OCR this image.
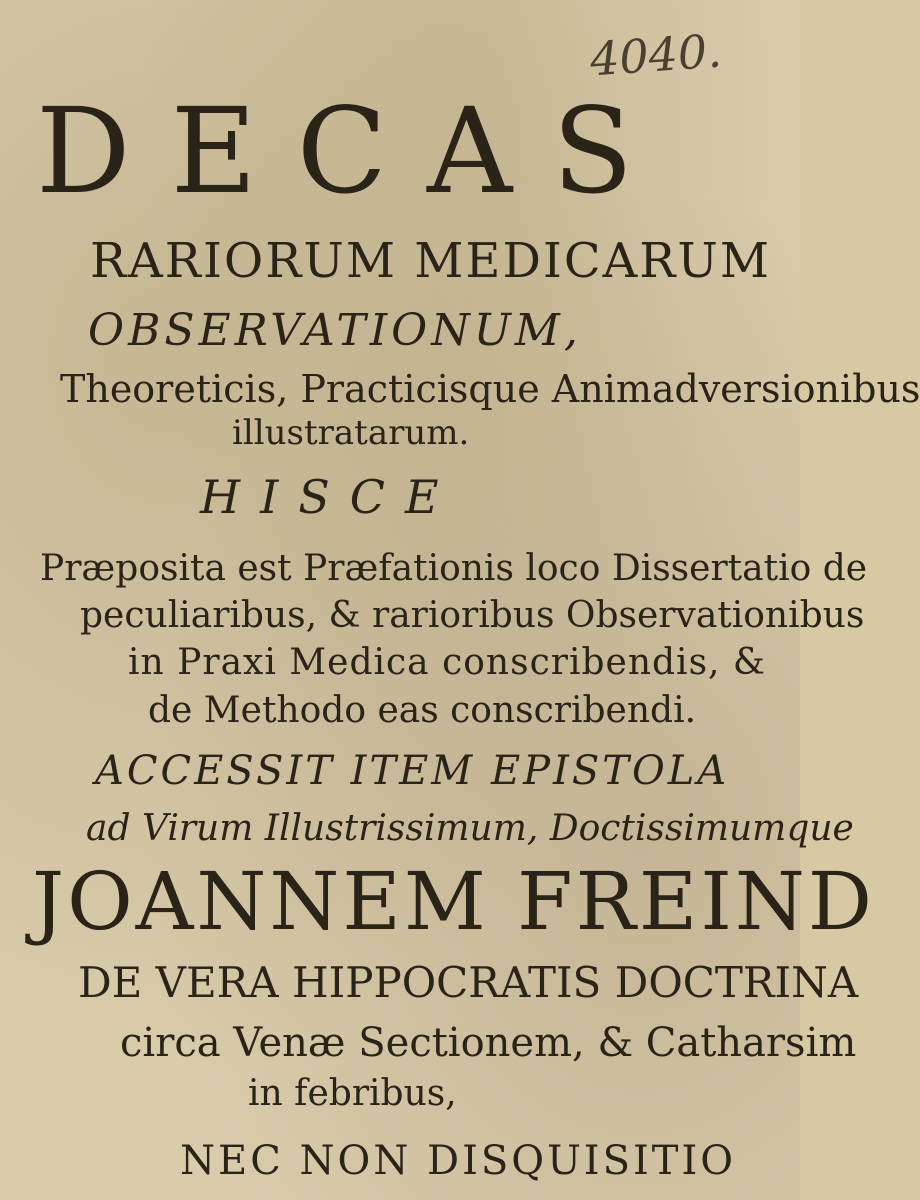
4040.
DECAS
RARIORUM MEDICARUM
OBSERVATIONUM,
Theoreticis, Practicisque Animadversionibus
illustratarum.
HISCE
Præposita est Præfationis loco Dissertatio de
peculiaribus, & rarioribus Observationibus
in Praxi Medica conscribendis, &
de Methodo eas conscribendi.
ACCESSIT ITEM EPISTOLA
ad Virum Illustrissimum, Doctissimumque
JOANNEM FREIND
DE VERA HIPPOCRATIS DOCTRINA
circa Venæ Sectionem, & Catharsim
in febribus,
NEC NON DISQUISITIO
